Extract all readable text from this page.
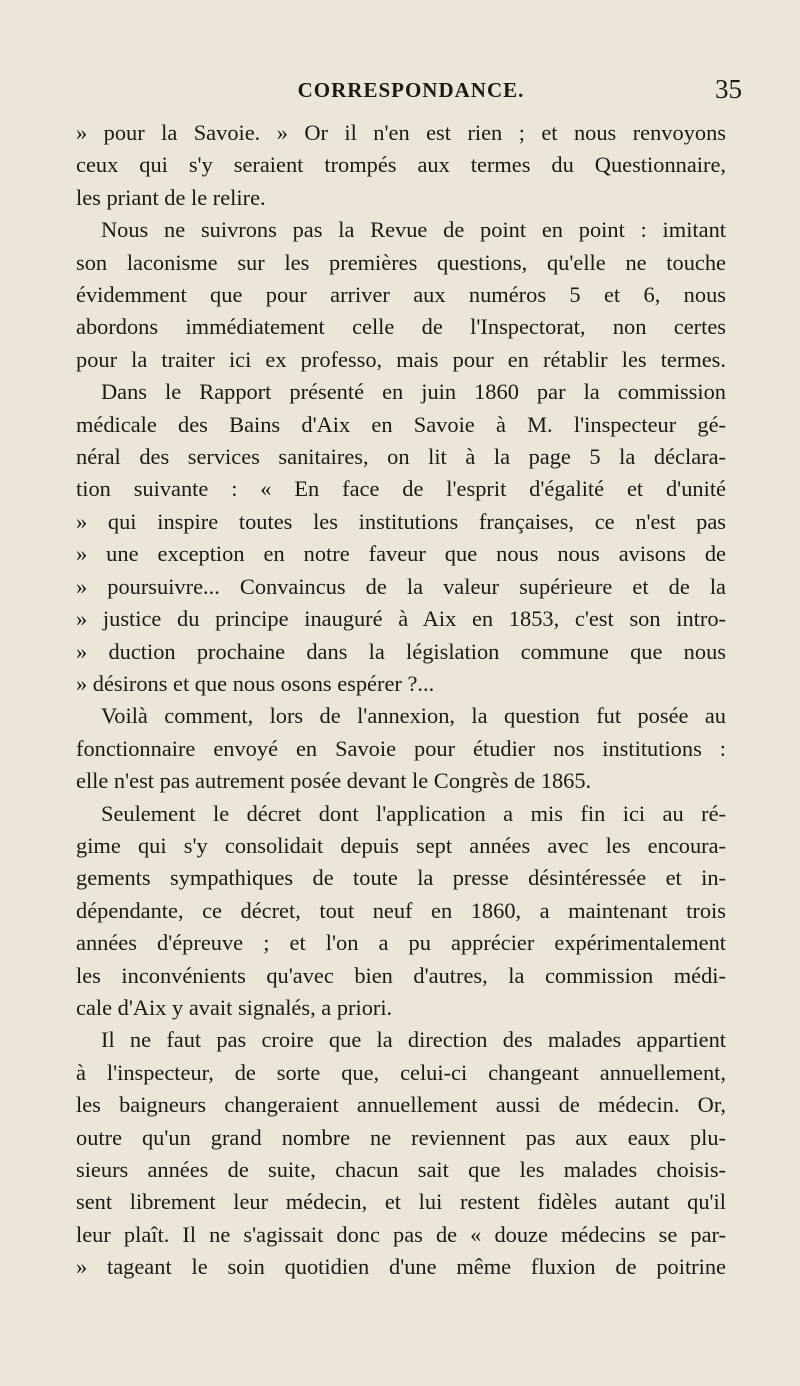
CORRESPONDANCE.	35
» pour la Savoie. » Or il n'en est rien ; et nous renvoyons
ceux qui s'y seraient trompés aux termes du Questionnaire,
les priant de le relire.
Nous ne suivrons pas la Revue de point en point : imitant
son laconisme sur les premières questions, qu'elle ne touche
évidemment que pour arriver aux numéros 5 et 6, nous
abordons immédiatement celle de l'Inspectorat, non certes
pour la traiter ici ex professo, mais pour en rétablir les termes.
Dans le Rapport présenté en juin 1860 par la commission
médicale des Bains d'Aix en Savoie à M. l'inspecteur gé-
néral des services sanitaires, on lit à la page 5 la déclara-
tion suivante : « En face de l'esprit d'égalité et d'unité
» qui inspire toutes les institutions françaises, ce n'est pas
» une exception en notre faveur que nous nous avisons de
» poursuivre... Convaincus de la valeur supérieure et de la
» justice du principe inauguré à Aix en 1853, c'est son intro-
» duction prochaine dans la législation commune que nous
» désirons et que nous osons espérer ?...
Voilà comment, lors de l'annexion, la question fut posée au
fonctionnaire envoyé en Savoie pour étudier nos institutions :
elle n'est pas autrement posée devant le Congrès de 1865.
Seulement le décret dont l'application a mis fin ici au ré-
gime qui s'y consolidait depuis sept années avec les encoura-
gements sympathiques de toute la presse désintéressée et in-
dépendante, ce décret, tout neuf en 1860, a maintenant trois
années d'épreuve ; et l'on a pu apprécier expérimentalement
les inconvénients qu'avec bien d'autres, la commission médi-
cale d'Aix y avait signalés, a priori.
Il ne faut pas croire que la direction des malades appartient
à l'inspecteur, de sorte que, celui-ci changeant annuellement,
les baigneurs changeraient annuellement aussi de médecin. Or,
outre qu'un grand nombre ne reviennent pas aux eaux plu-
sieurs années de suite, chacun sait que les malades choisis-
sent librement leur médecin, et lui restent fidèles autant qu'il
leur plaît. Il ne s'agissait donc pas de « douze médecins se par-
» tageant le soin quotidien d'une même fluxion de poitrine
